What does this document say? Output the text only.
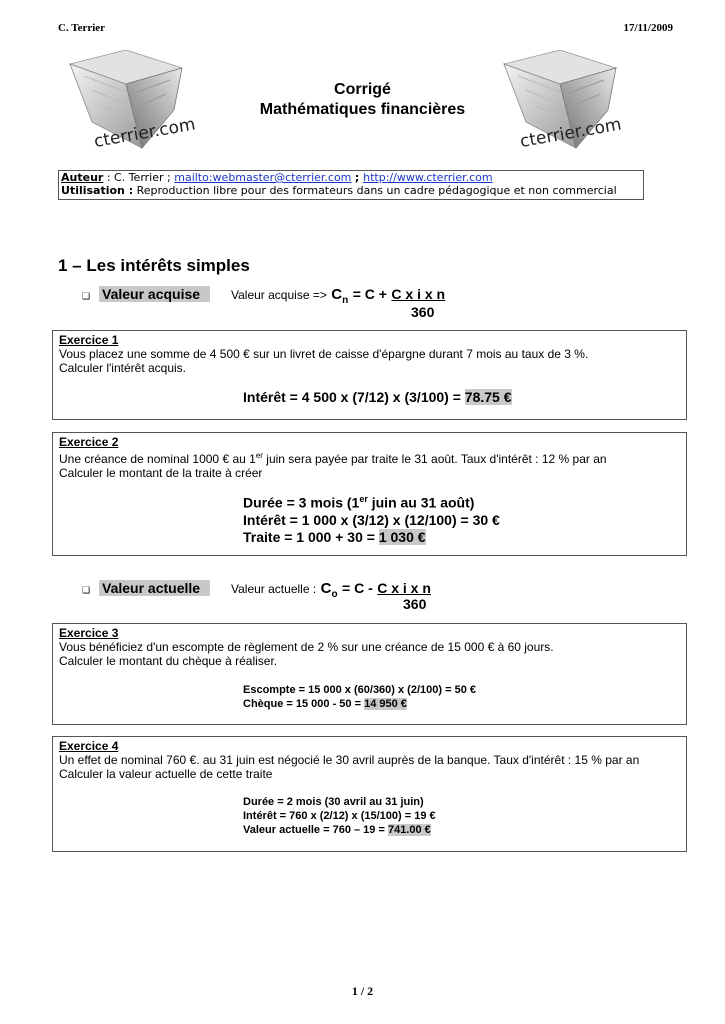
C. Terrier	17/11/2009
cterrier.com	cterrier.com
Corrigé
Mathématiques financières
Auteur : C. Terrier ; mailto:webmaster@cterrier.com ; http://www.cterrier.com
Utilisation : Reproduction libre pour des formateurs dans un cadre pédagogique et non commercial
1 – Les intérêts simples
❑ Valeur acquise	Valeur acquise => $C_n = C + C$ x i x n
360
Exercice 1
Vous placez une somme de 4 500 € sur un livret de caisse d'épargne durant 7 mois au taux de 3 %.
Calculer l'intérêt acquis.
Intérêt = 4 500 x (7/12) x (3/100) = 78.75 €
Exercice 2
Une créance de nominal 1000 € au 1er juin sera payée par traite le 31 août. Taux d'intérêt : 12 % par an
Calculer le montant de la traite à créer
Durée = 3 mois (1er juin au 31 août)
Intérêt = 1 000 x (3/12) x (12/100) = 30 €
Traite = 1 000 + 30 = 1 030 €
❑ Valeur actuelle	Valeur actuelle : $C_o = C - C$ x i x n
360
Exercice 3
Vous bénéficiez d'un escompte de règlement de 2 % sur une créance de 15 000 € à 60 jours.
Calculer le montant du chèque à réaliser.
Escompte = 15 000 x (60/360) x (2/100) = 50 €
Chèque = 15 000 - 50 = 14 950 €
Exercice 4
Un effet de nominal 760 €. au 31 juin est négocié le 30 avril auprès de la banque. Taux d'intérêt : 15 % par an
Calculer la valeur actuelle de cette traite
Durée = 2 mois (30 avril au 31 juin)
Intérêt = 760 x (2/12) x (15/100) = 19 €
Valeur actuelle = 760 – 19 = 741.00 €
1 / 2
